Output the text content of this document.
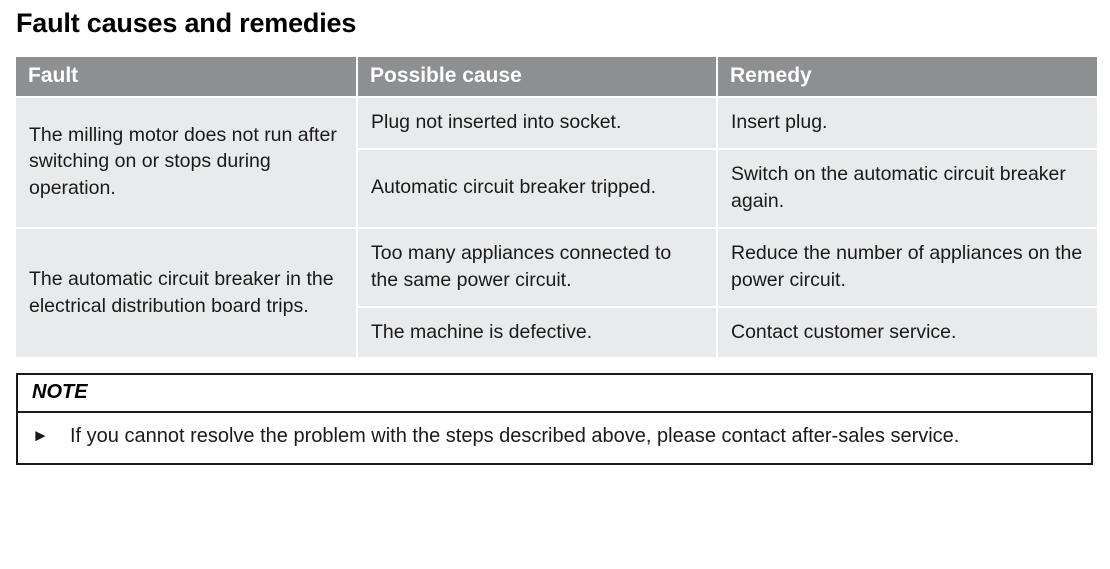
Fault causes and remedies
Fault	Possible cause	Remedy
The milling motor does not run after switching on or stops during operation.	Plug not inserted into socket.	Insert plug.
	Automatic circuit breaker tripped.	Switch on the automatic circuit breaker again.
The automatic circuit breaker in the electrical distribution board trips.	Too many appliances connected to the same power circuit.	Reduce the number of appliances on the power circuit.
	The machine is defective.	Contact customer service.
NOTE
►	If you cannot resolve the problem with the steps described above, please contact after-sales service.
